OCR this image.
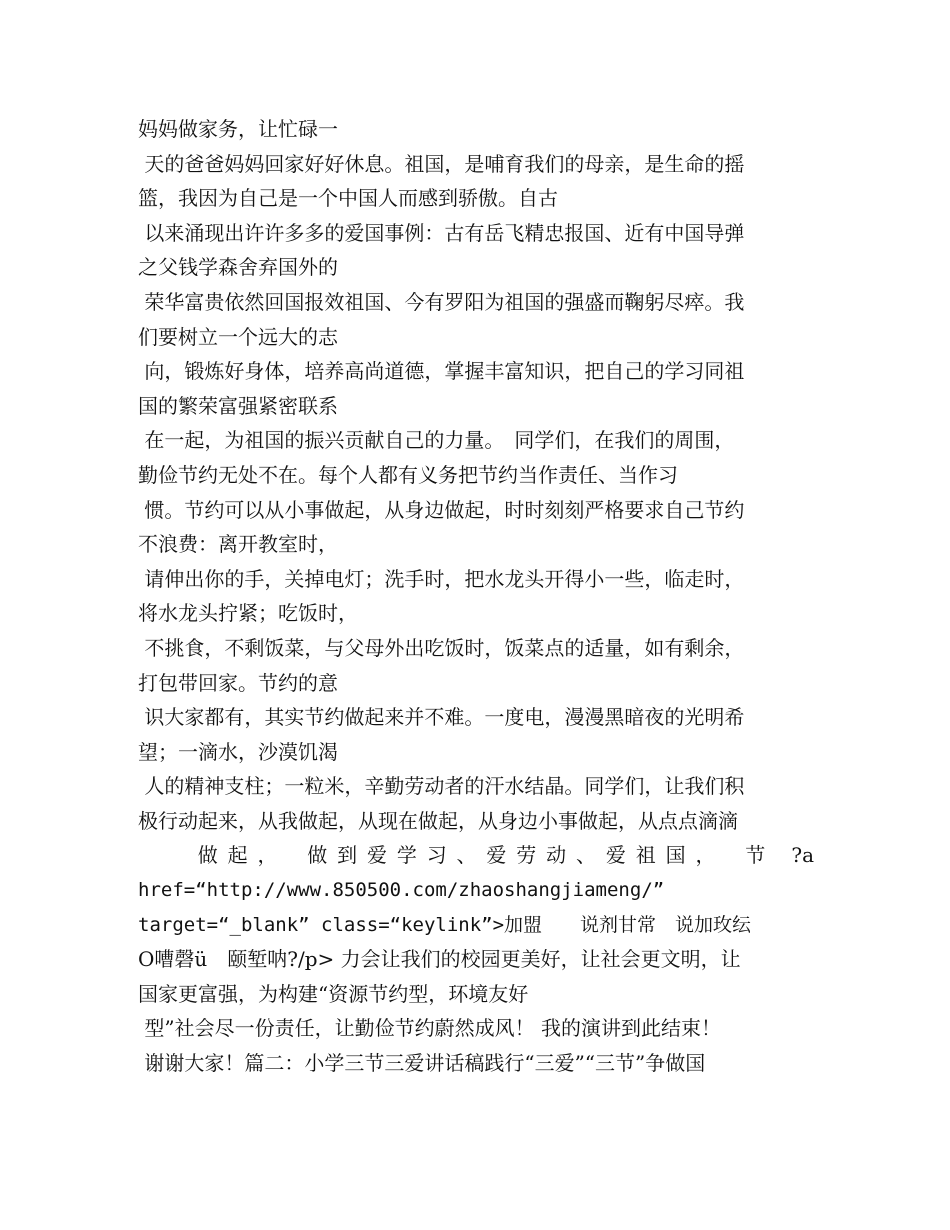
妈妈做家务，让忙碌一
天的爸爸妈妈回家好好休息。祖国，是哺育我们的母亲，是生命的摇
篮，我因为自己是一个中国人而感到骄傲。自古
以来涌现出许许多多的爱国事例：古有岳飞精忠报国、近有中国导弹
之父钱学森舍弃国外的
荣华富贵依然回国报效祖国、今有罗阳为祖国的强盛而鞠躬尽瘁。我
们要树立一个远大的志
向，锻炼好身体，培养高尚道德，掌握丰富知识，把自己的学习同祖
国的繁荣富强紧密联系
在一起，为祖国的振兴贡献自己的力量。　同学们，在我们的周围，
勤俭节约无处不在。每个人都有义务把节约当作责任、当作习
惯。节约可以从小事做起，从身边做起，时时刻刻严格要求自己节约
不浪费：离开教室时，
请伸出你的手，关掉电灯；洗手时，把水龙头开得小一些，临走时，
将水龙头拧紧；吃饭时，
不挑食，不剩饭菜，与父母外出吃饭时，饭菜点的适量，如有剩余，
打包带回家。节约的意
识大家都有，其实节约做起来并不难。一度电，漫漫黑暗夜的光明希
望；一滴水，沙漠饥渴
人的精神支柱；一粒米，辛勤劳动者的汗水结晶。同学们，让我们积
极行动起来，从我做起，从现在做起，从身边小事做起，从点点滴滴
　　做起，　做到爱学习、爱劳动、爱祖国，　节 ?a
href=“http://www.850500.com/zhaoshangjiameng/”
target=“_blank” class=“keylink”>加盟　　说剂甘常　说加玫纭
O嘈磬ü　颐堑呐?/p> 力会让我们的校园更美好，让社会更文明，让
国家更富强，为构建“资源节约型，环境友好
型”社会尽一份责任，让勤俭节约蔚然成风！ 我的演讲到此结束！
谢谢大家！篇二：小学三节三爱讲话稿践行“三爱”“三节”争做国
